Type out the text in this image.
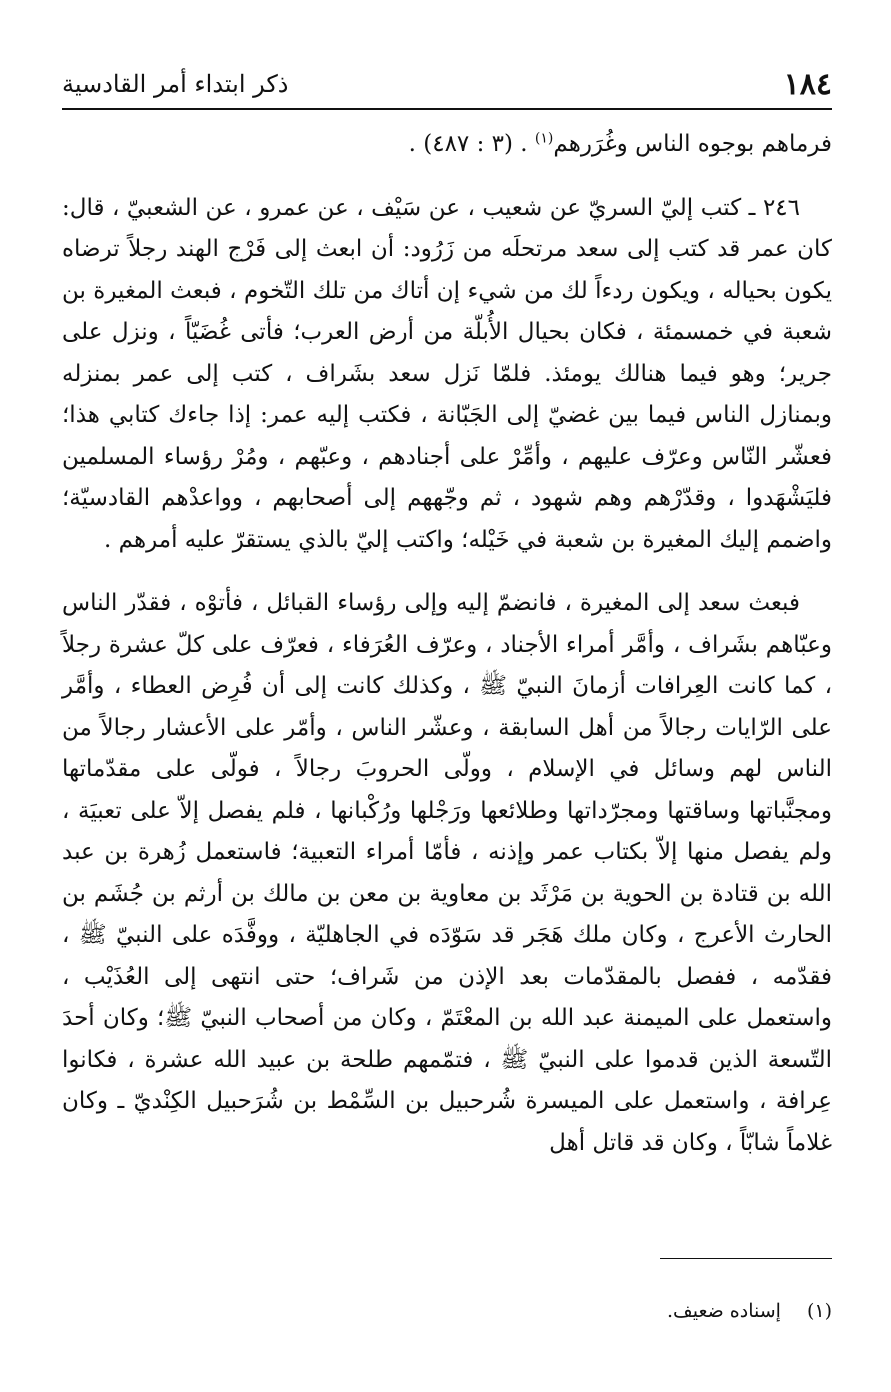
١٨٤
ذكر ابتداء أمر القادسية

فرماهم بوجوه الناس وغُرَرهم$^{(١)}$ . (٣ : ٤٨٧) .

٢٤٦ ـ كتب إليّ السريّ عن شعيب ، عن سَيْف ، عن عمرو ، عن الشعبيّ ، قال: كان عمر قد كتب إلى سعد مرتحلَه من زَرُود: أن ابعث إلى فَرْج الهند رجلاً ترضاه يكون بحياله ، ويكون ردءاً لك من شيء إن أتاك من تلك التّخوم ، فبعث المغيرة بن شعبة في خمسمئة ، فكان بحيال الأُبلّة من أرض العرب؛ فأتى غُضَيّاً ، ونزل على جرير؛ وهو فيما هنالك يومئذ. فلمّا نَزل سعد بشَراف ، كتب إلى عمر بمنزله وبمنازل الناس فيما بين غضيّ إلى الجَبّانة ، فكتب إليه عمر: إذا جاءك كتابي هذا؛ فعشّر النّاس وعرّف عليهم ، وأمِّرْ على أجنادهم ، وعبّهم ، ومُرْ رؤساء المسلمين فليَشْهَدوا ، وقدّرْهم وهم شهود ، ثم وجّههم إلى أصحابهم ، وواعدْهم القادسيّة؛ واضمم إليك المغيرة بن شعبة في خَيْله؛ واكتب إليّ بالذي يستقرّ عليه أمرهم .

فبعث سعد إلى المغيرة ، فانضمّ إليه وإلى رؤساء القبائل ، فأتوْه ، فقدّر الناس وعبّاهم بشَراف ، وأمَّر أمراء الأجناد ، وعرّف العُرَفاء ، فعرّف على كلّ عشرة رجلاً ، كما كانت العِرافات أزمانَ النبيّ ﷺ ، وكذلك كانت إلى أن فُرِض العطاء ، وأمَّر على الرّايات رجالاً من أهل السابقة ، وعشّر الناس ، وأمّر على الأعشار رجالاً من الناس لهم وسائل في الإسلام ، وولّى الحروبَ رجالاً ، فولّى على مقدّماتها ومجنَّباتها وساقتها ومجرّداتها وطلائعها ورَجْلها ورُكْبانها ، فلم يفصل إلاّ على تعبيَة ، ولم يفصل منها إلاّ بكتاب عمر وإذنه ، فأمّا أمراء التعبية؛ فاستعمل زُهرة بن عبد الله بن قتادة بن الحوية بن مَرْثَد بن معاوية بن معن بن مالك بن أرثم بن جُشَم بن الحارث الأعرج ، وكان ملك هَجَر قد سَوّدَه في الجاهليّة ، ووفَّدَه على النبيّ ﷺ ، فقدّمه ، ففصل بالمقدّمات بعد الإذن من شَراف؛ حتى انتهى إلى العُذَيْب ، واستعمل على الميمنة عبد الله بن المعْتَمّ ، وكان من أصحاب النبيّ ﷺ؛ وكان أحدَ التّسعة الذين قدموا على النبيّ ﷺ ، فتمّمهم طلحة بن عبيد الله عشرة ، فكانوا عِرافة ، واستعمل على الميسرة شُرحبيل بن السِّمْط بن شُرَحبيل الكِنْديّ ـ وكان غلاماً شابّاً ، وكان قد قاتل أهل

(١)
إسناده ضعيف.
